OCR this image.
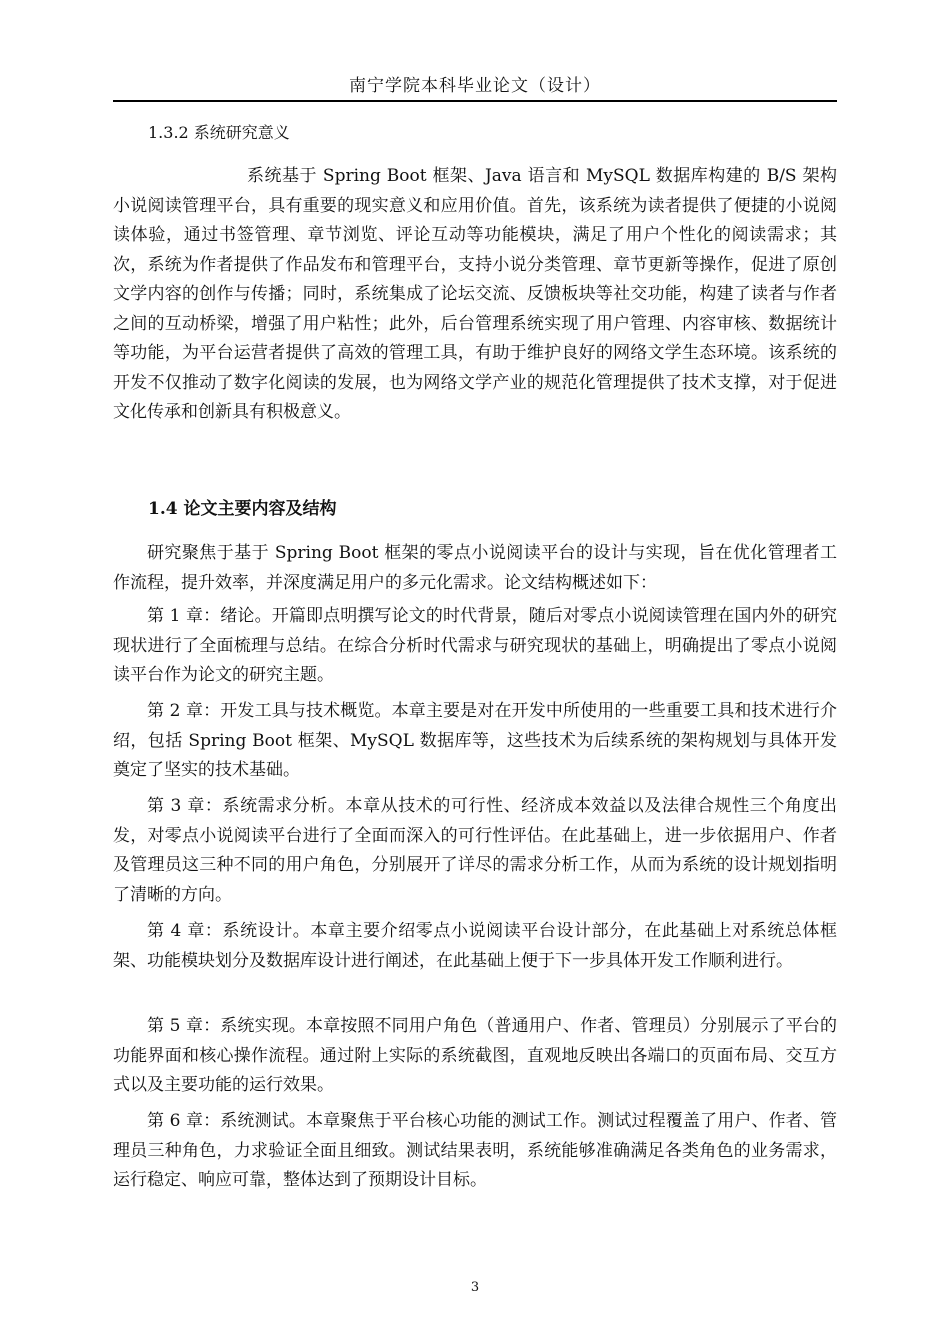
南宁学院本科毕业论文（设计）
1.3.2 系统研究意义

系统基于 Spring Boot 框架、Java 语言和 MySQL 数据库构建的 B/S 架构小说阅读管理平台，具有重要的现实意义和应用价值。首先，该系统为读者提供了便捷的小说阅读体验，通过书签管理、章节浏览、评论互动等功能模块，满足了用户个性化的阅读需求；其次，系统为作者提供了作品发布和管理平台，支持小说分类管理、章节更新等操作，促进了原创文学内容的创作与传播；同时，系统集成了论坛交流、反馈板块等社交功能，构建了读者与作者之间的互动桥梁，增强了用户粘性；此外，后台管理系统实现了用户管理、内容审核、数据统计等功能，为平台运营者提供了高效的管理工具，有助于维护良好的网络文学生态环境。该系统的开发不仅推动了数字化阅读的发展，也为网络文学产业的规范化管理提供了技术支撑，对于促进文化传承和创新具有积极意义。

1.4 论文主要内容及结构

研究聚焦于基于 Spring Boot 框架的零点小说阅读平台的设计与实现，旨在优化管理者工作流程，提升效率，并深度满足用户的多元化需求。论文结构概述如下：

第 1 章：绪论。开篇即点明撰写论文的时代背景，随后对零点小说阅读管理在国内外的研究现状进行了全面梳理与总结。在综合分析时代需求与研究现状的基础上，明确提出了零点小说阅读平台作为论文的研究主题。

第 2 章：开发工具与技术概览。本章主要是对在开发中所使用的一些重要工具和技术进行介绍，包括 Spring Boot 框架、MySQL 数据库等，这些技术为后续系统的架构规划与具体开发奠定了坚实的技术基础。

第 3 章：系统需求分析。本章从技术的可行性、经济成本效益以及法律合规性三个角度出发，对零点小说阅读平台进行了全面而深入的可行性评估。在此基础上，进一步依据用户、作者及管理员这三种不同的用户角色，分别展开了详尽的需求分析工作，从而为系统的设计规划指明了清晰的方向。

第 4 章：系统设计。本章主要介绍零点小说阅读平台设计部分，在此基础上对系统总体框架、功能模块划分及数据库设计进行阐述，在此基础上便于下一步具体开发工作顺利进行。

第 5 章：系统实现。本章按照不同用户角色（普通用户、作者、管理员）分别展示了平台的功能界面和核心操作流程。通过附上实际的系统截图，直观地反映出各端口的页面布局、交互方式以及主要功能的运行效果。

第 6 章：系统测试。本章聚焦于平台核心功能的测试工作。测试过程覆盖了用户、作者、管理员三种角色，力求验证全面且细致。测试结果表明，系统能够准确满足各类角色的业务需求，运行稳定、响应可靠，整体达到了预期设计目标。

3
